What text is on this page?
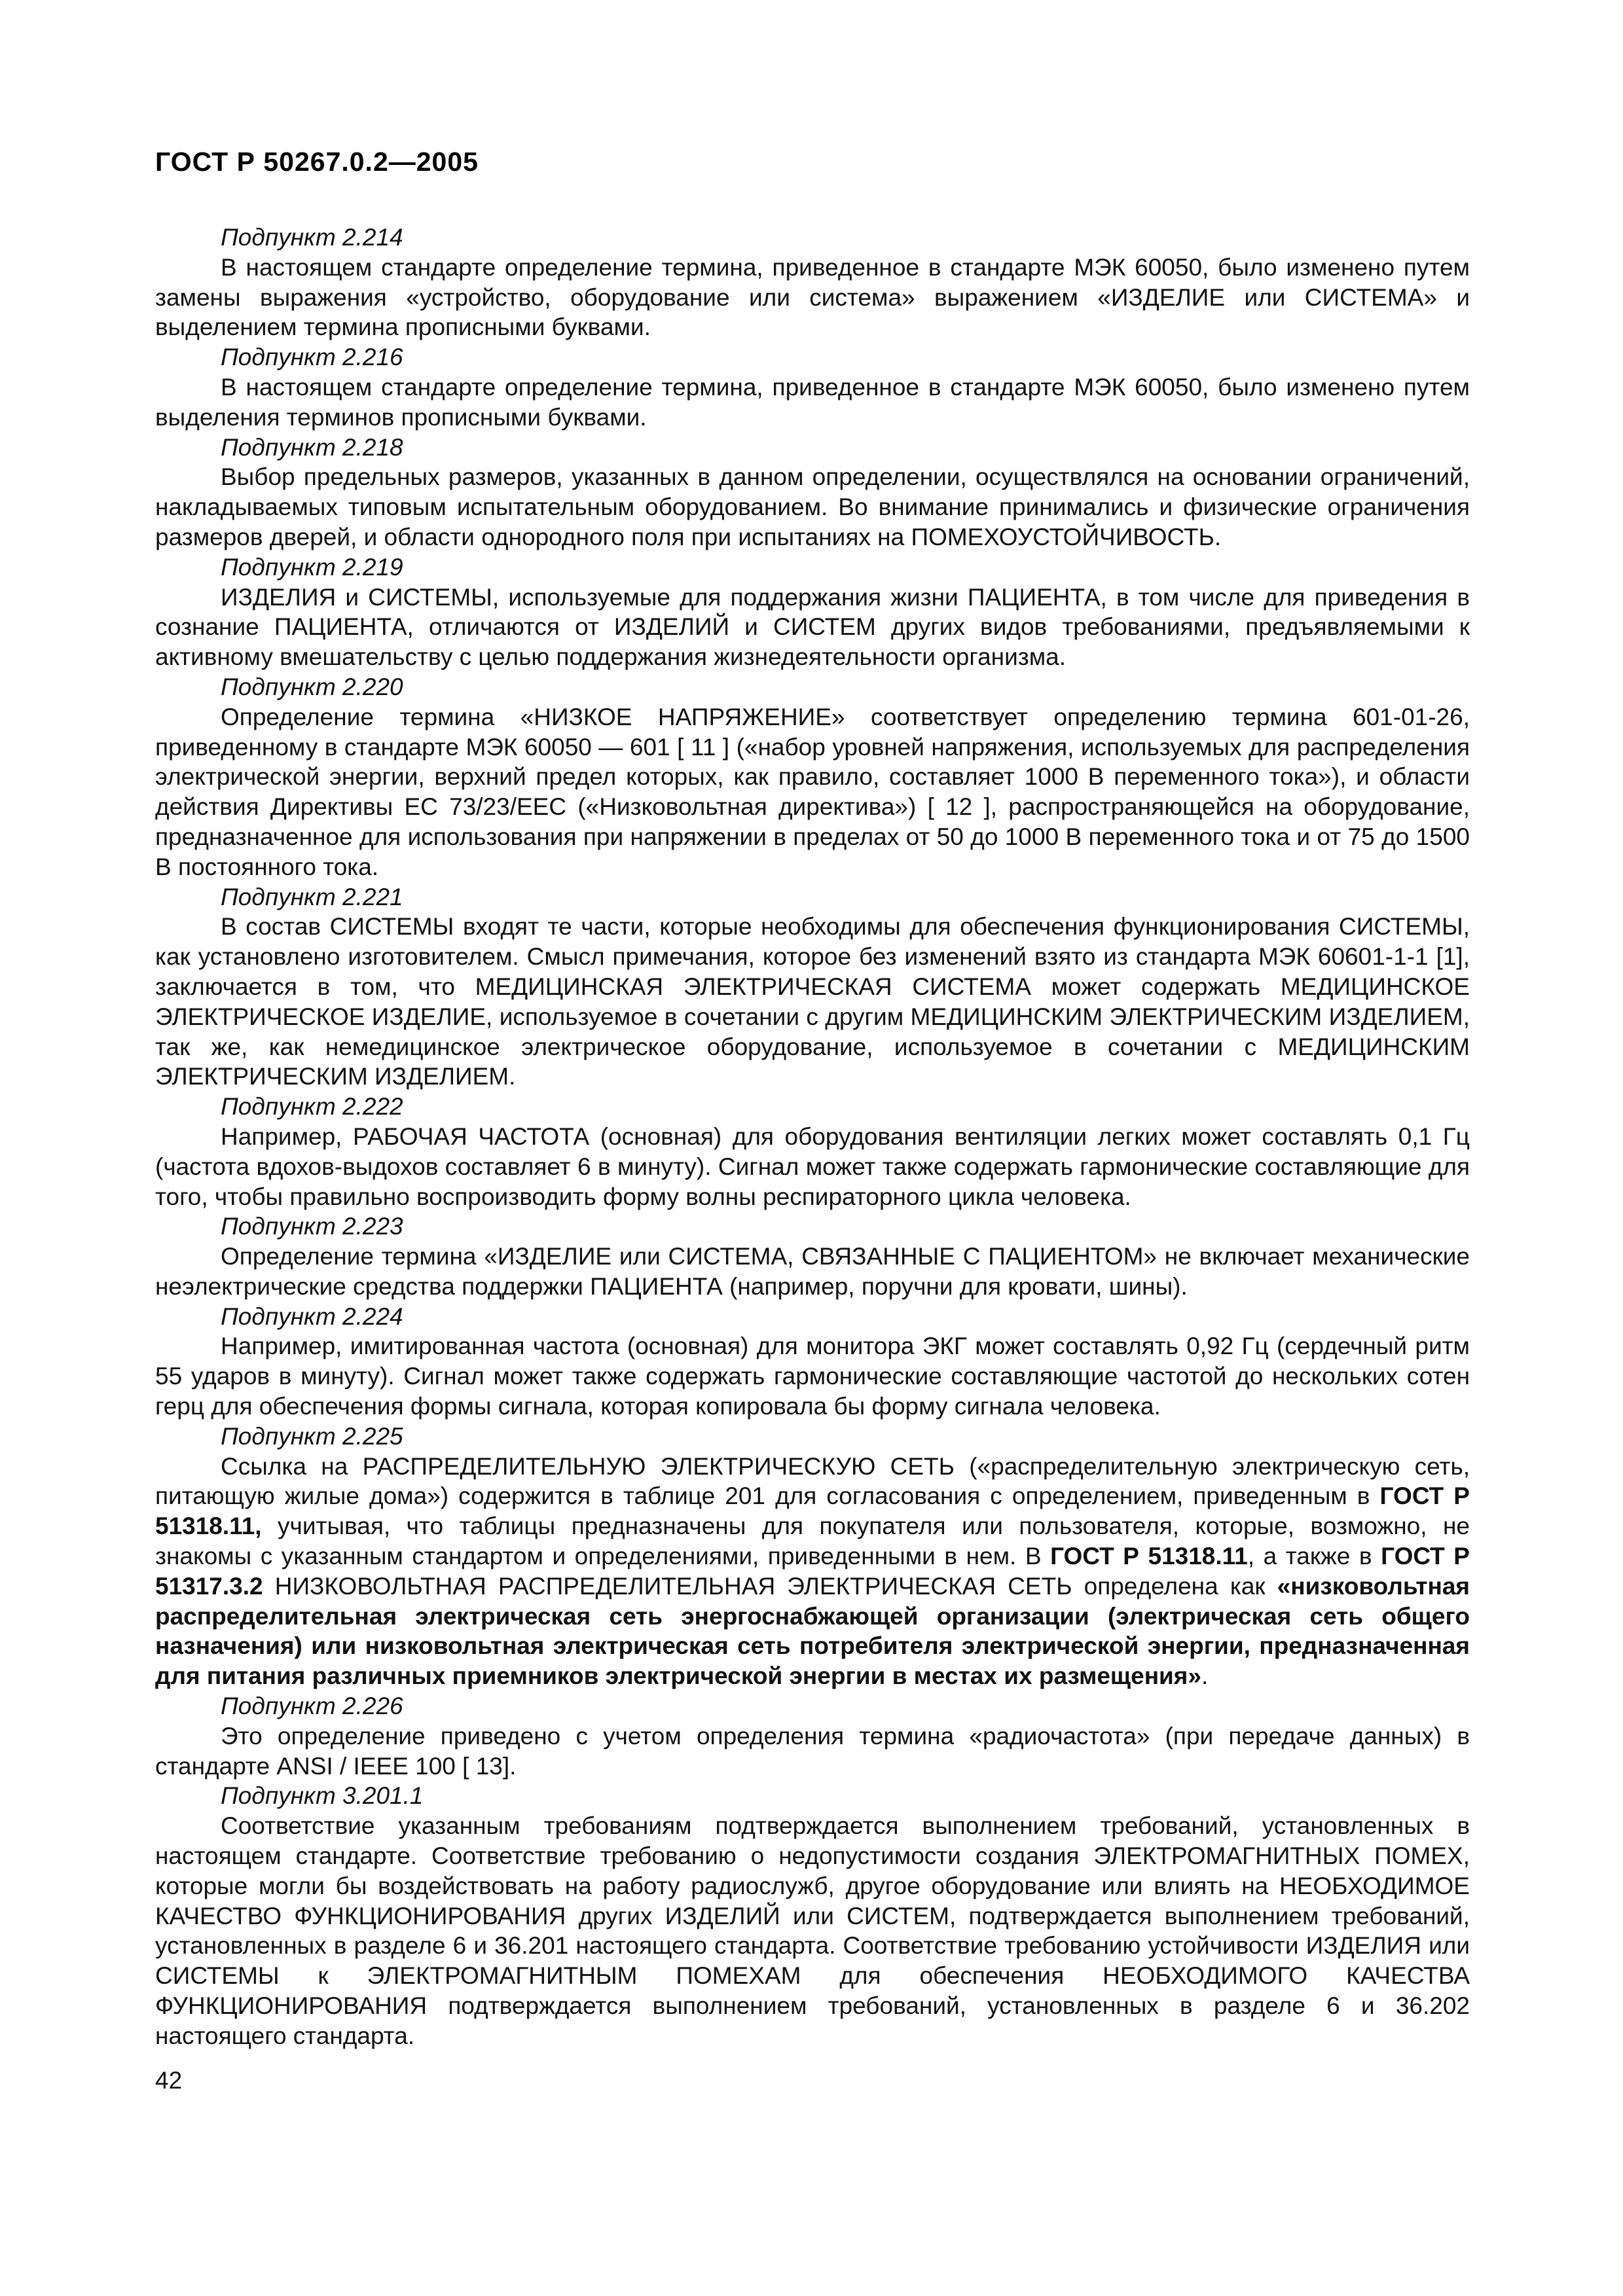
ГОСТ Р 50267.0.2—2005
Подпункт 2.214

В настоящем стандарте определение термина, приведенное в стандарте МЭК 60050, было изменено путем замены выражения «устройство, оборудование или система» выражением «ИЗДЕЛИЕ или СИСТЕМА» и выделением термина прописными буквами.

Подпункт 2.216

В настоящем стандарте определение термина, приведенное в стандарте МЭК 60050, было изменено путем выделения терминов прописными буквами.

Подпункт 2.218

Выбор предельных размеров, указанных в данном определении, осуществлялся на основании ограничений, накладываемых типовым испытательным оборудованием. Во внимание принимались и физические ограничения размеров дверей, и области однородного поля при испытаниях на ПОМЕХОУСТОЙЧИВОСТЬ.

Подпункт 2.219

ИЗДЕЛИЯ и СИСТЕМЫ, используемые для поддержания жизни ПАЦИЕНТА, в том числе для приведения в сознание ПАЦИЕНТА, отличаются от ИЗДЕЛИЙ и СИСТЕМ других видов требованиями, предъявляемыми к активному вмешательству с целью поддержания жизнедеятельности организма.

Подпункт 2.220

Определение термина «НИЗКОЕ НАПРЯЖЕНИЕ» соответствует определению термина 601-01-26, приведенному в стандарте МЭК 60050 — 601 [ 11 ] («набор уровней напряжения, используемых для распределения электрической энергии, верхний предел которых, как правило, составляет 1000 В переменного тока»), и области действия Директивы ЕС 73/23/ЕЕС («Низковольтная директива») [ 12 ], распространяющейся на оборудование, предназначенное для использования при напряжении в пределах от 50 до 1000 В переменного тока и от 75 до 1500 В постоянного тока.

Подпункт 2.221

В состав СИСТЕМЫ входят те части, которые необходимы для обеспечения функционирования СИСТЕМЫ, как установлено изготовителем. Смысл примечания, которое без изменений взято из стандарта МЭК 60601-1-1 [1], заключается в том, что МЕДИЦИНСКАЯ ЭЛЕКТРИЧЕСКАЯ СИСТЕМА может содержать МЕДИЦИНСКОЕ ЭЛЕКТРИЧЕСКОЕ ИЗДЕЛИЕ, используемое в сочетании с другим МЕДИЦИНСКИМ ЭЛЕКТРИЧЕСКИМ ИЗДЕЛИЕМ, так же, как немедицинское электрическое оборудование, используемое в сочетании с МЕДИЦИНСКИМ ЭЛЕКТРИЧЕСКИМ ИЗДЕЛИЕМ.

Подпункт 2.222

Например, РАБОЧАЯ ЧАСТОТА (основная) для оборудования вентиляции легких может составлять 0,1 Гц (частота вдохов-выдохов составляет 6 в минуту). Сигнал может также содержать гармонические составляющие для того, чтобы правильно воспроизводить форму волны респираторного цикла человека.

Подпункт 2.223

Определение термина «ИЗДЕЛИЕ или СИСТЕМА, СВЯЗАННЫЕ С ПАЦИЕНТОМ» не включает механические неэлектрические средства поддержки ПАЦИЕНТА (например, поручни для кровати, шины).

Подпункт 2.224

Например, имитированная частота (основная) для монитора ЭКГ может составлять 0,92 Гц (сердечный ритм 55 ударов в минуту). Сигнал может также содержать гармонические составляющие частотой до нескольких сотен герц для обеспечения формы сигнала, которая копировала бы форму сигнала человека.

Подпункт 2.225

Ссылка на РАСПРЕДЕЛИТЕЛЬНУЮ ЭЛЕКТРИЧЕСКУЮ СЕТЬ («распределительную электрическую сеть, питающую жилые дома») содержится в таблице 201 для согласования с определением, приведенным в ГОСТ Р 51318.11, учитывая, что таблицы предназначены для покупателя или пользователя, которые, возможно, не знакомы с указанным стандартом и определениями, приведенными в нем. В ГОСТ Р 51318.11, а также в ГОСТ Р 51317.3.2 НИЗКОВОЛЬТНАЯ РАСПРЕДЕЛИТЕЛЬНАЯ ЭЛЕКТРИЧЕСКАЯ СЕТЬ определена как «низковольтная распределительная электрическая сеть энергоснабжающей организации (электрическая сеть общего назначения) или низковольтная электрическая сеть потребителя электрической энергии, предназначенная для питания различных приемников электрической энергии в местах их размещения».

Подпункт 2.226

Это определение приведено с учетом определения термина «радиочастота» (при передаче данных) в стандарте ANSI / IEEE 100 [ 13].

Подпункт 3.201.1

Соответствие указанным требованиям подтверждается выполнением требований, установленных в настоящем стандарте. Соответствие требованию о недопустимости создания ЭЛЕКТРОМАГНИТНЫХ ПОМЕХ, которые могли бы воздействовать на работу радиослужб, другое оборудование или влиять на НЕОБХОДИМОЕ КАЧЕСТВО ФУНКЦИОНИРОВАНИЯ других ИЗДЕЛИЙ или СИСТЕМ, подтверждается выполнением требований, установленных в разделе 6 и 36.201 настоящего стандарта. Соответствие требованию устойчивости ИЗДЕЛИЯ или СИСТЕМЫ к ЭЛЕКТРОМАГНИТНЫМ ПОМЕХАМ для обеспечения НЕОБХОДИМОГО КАЧЕСТВА ФУНКЦИОНИРОВАНИЯ подтверждается выполнением требований, установленных в разделе 6 и 36.202 настоящего стандарта.

42
